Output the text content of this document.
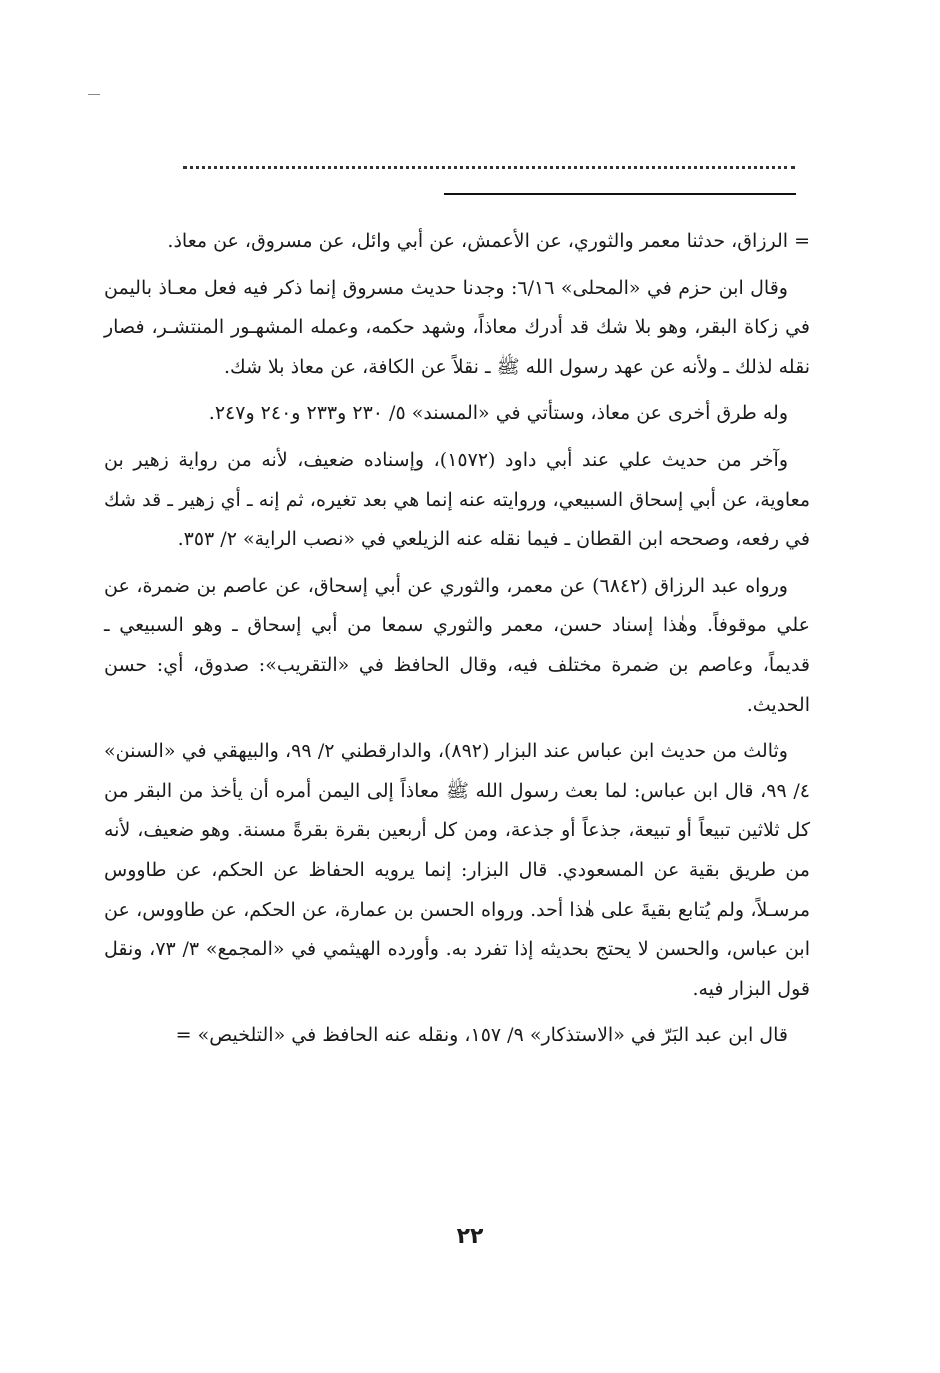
= الرزاق، حدثنا معمر والثوري، عن الأعمش، عن أبي وائل، عن مسروق، عن معاذ.

وقال ابن حزم في «المحلى» ٦/١٦: وجدنا حديث مسروق إنما ذكر فيه فعل معـاذ باليمن في زكاة البقر، وهو بلا شك قد أدرك معاذاً، وشهد حكمه، وعمله المشهـور المنتشـر، فصار نقله لذلك ـ ولأنه عن عهد رسول الله ﷺ ـ نقلاً عن الكافة، عن معاذ بلا شك.

وله طرق أخرى عن معاذ، وستأتي في «المسند» ٥/ ٢٣٠ و٢٣٣ و٢٤٠ و٢٤٧.

وآخر من حديث علي عند أبي داود (١٥٧٢)، وإسناده ضعيف، لأنه من رواية زهير بن معاوية، عن أبي إسحاق السبيعي، وروايته عنه إنما هي بعد تغيره، ثم إنه ـ أي زهير ـ قد شك في رفعه، وصححه ابن القطان ـ فيما نقله عنه الزيلعي في «نصب الراية» ٢/ ٣٥٣.

ورواه عبد الرزاق (٦٨٤٢) عن معمر، والثوري عن أبي إسحاق، عن عاصم بن ضمرة، عن علي موقوفاً. وهٰذا إسناد حسن، معمر والثوري سمعا من أبي إسحاق ـ وهو السبيعي ـ قديماً، وعاصم بن ضمرة مختلف فيه، وقال الحافظ في «التقريب»: صدوق، أي: حسن الحديث.

وثالث من حديث ابن عباس عند البزار (٨٩٢)، والدارقطني ٢/ ٩٩، والبيهقي في «السنن» ٤/ ٩٩، قال ابن عباس: لما بعث رسول الله ﷺ معاذاً إلى اليمن أمره أن يأخذ من البقر من كل ثلاثين تبيعاً أو تبيعة، جذعاً أو جذعة، ومن كل أربعين بقرة بقرةً مسنة. وهو ضعيف، لأنه من طريق بقية عن المسعودي. قال البزار: إنما يرويه الحفاظ عن الحكم، عن طاووس مرسـلاً، ولم يُتابع بقيةَ على هٰذا أحد. ورواه الحسن بن عمارة، عن الحكم، عن طاووس، عن ابن عباس، والحسن لا يحتج بحديثه إذا تفرد به. وأورده الهيثمي في «المجمع» ٣/ ٧٣، ونقل قول البزار فيه.

قال ابن عبد البَرّ في «الاستذكار» ٩/ ١٥٧، ونقله عنه الحافظ في «التلخيص» =

٢٢
